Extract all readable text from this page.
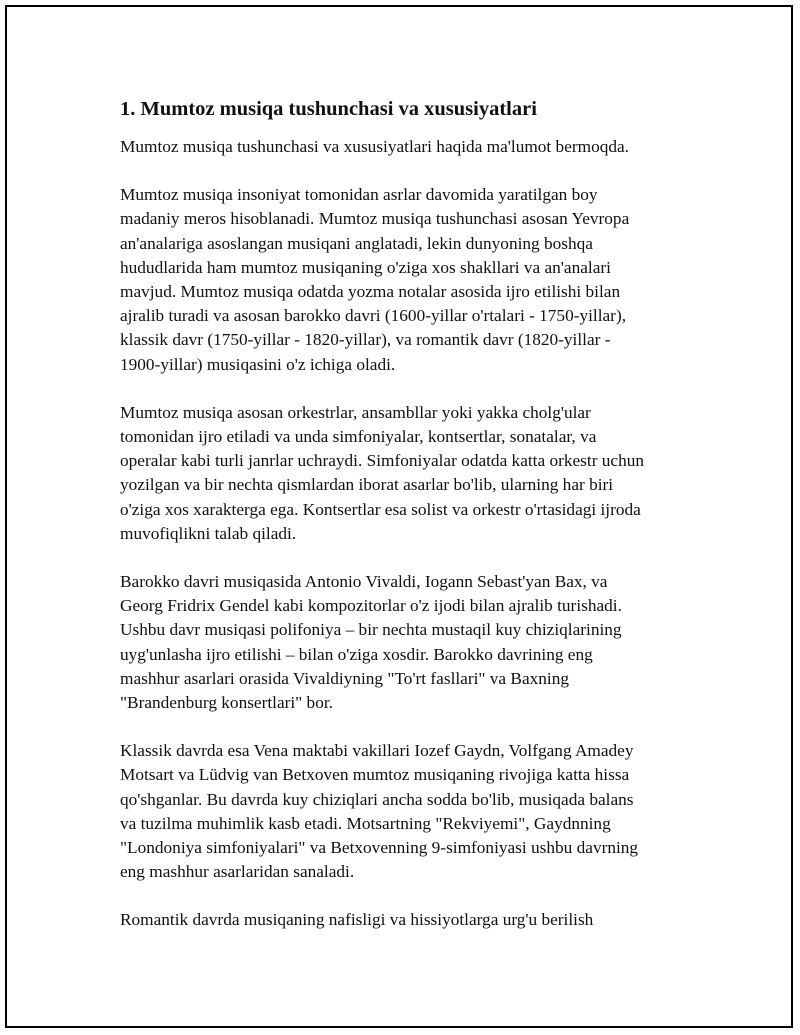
1. Mumtoz musiqa tushunchasi va xususiyatlari
Mumtoz musiqa tushunchasi va xususiyatlari haqida ma'lumot bermoqda.
Mumtoz musiqa insoniyat tomonidan asrlar davomida yaratilgan boy
madaniy meros hisoblanadi. Mumtoz musiqa tushunchasi asosan Yevropa
an'analariga asoslangan musiqani anglatadi, lekin dunyoning boshqa
hududlarida ham mumtoz musiqaning o'ziga xos shakllari va an'analari
mavjud. Mumtoz musiqa odatda yozma notalar asosida ijro etilishi bilan
ajralib turadi va asosan barokko davri (1600-yillar o'rtalari - 1750-yillar),
klassik davr (1750-yillar - 1820-yillar), va romantik davr (1820-yillar -
1900-yillar) musiqasini o'z ichiga oladi.
Mumtoz musiqa asosan orkestrlar, ansambllar yoki yakka cholg'ular
tomonidan ijro etiladi va unda simfoniyalar, kontsertlar, sonatalar, va
operalar kabi turli janrlar uchraydi. Simfoniyalar odatda katta orkestr uchun
yozilgan va bir nechta qismlardan iborat asarlar bo'lib, ularning har biri
o'ziga xos xarakterga ega. Kontsertlar esa solist va orkestr o'rtasidagi ijroda
muvofiqlikni talab qiladi.
Barokko davri musiqasida Antonio Vivaldi, Iogann Sebast'yan Bax, va
Georg Fridrix Gendel kabi kompozitorlar o'z ijodi bilan ajralib turishadi.
Ushbu davr musiqasi polifoniya – bir nechta mustaqil kuy chiziqlarining
uyg'unlasha ijro etilishi – bilan o'ziga xosdir. Barokko davrining eng
mashhur asarlari orasida Vivaldiyning "To'rt fasllari" va Baxning
"Brandenburg konsertlari" bor.
Klassik davrda esa Vena maktabi vakillari Iozef Gaydn, Volfgang Amadey
Motsart va Lüdvig van Betxoven mumtoz musiqaning rivojiga katta hissa
qo'shganlar. Bu davrda kuy chiziqlari ancha sodda bo'lib, musiqada balans
va tuzilma muhimlik kasb etadi. Motsartning "Rekviyemi", Gaydnning
"Londoniya simfoniyalari" va Betxovenning 9-simfoniyasi ushbu davrning
eng mashhur asarlaridan sanaladi.
Romantik davrda musiqaning nafisligi va hissiyotlarga urg'u berilish
